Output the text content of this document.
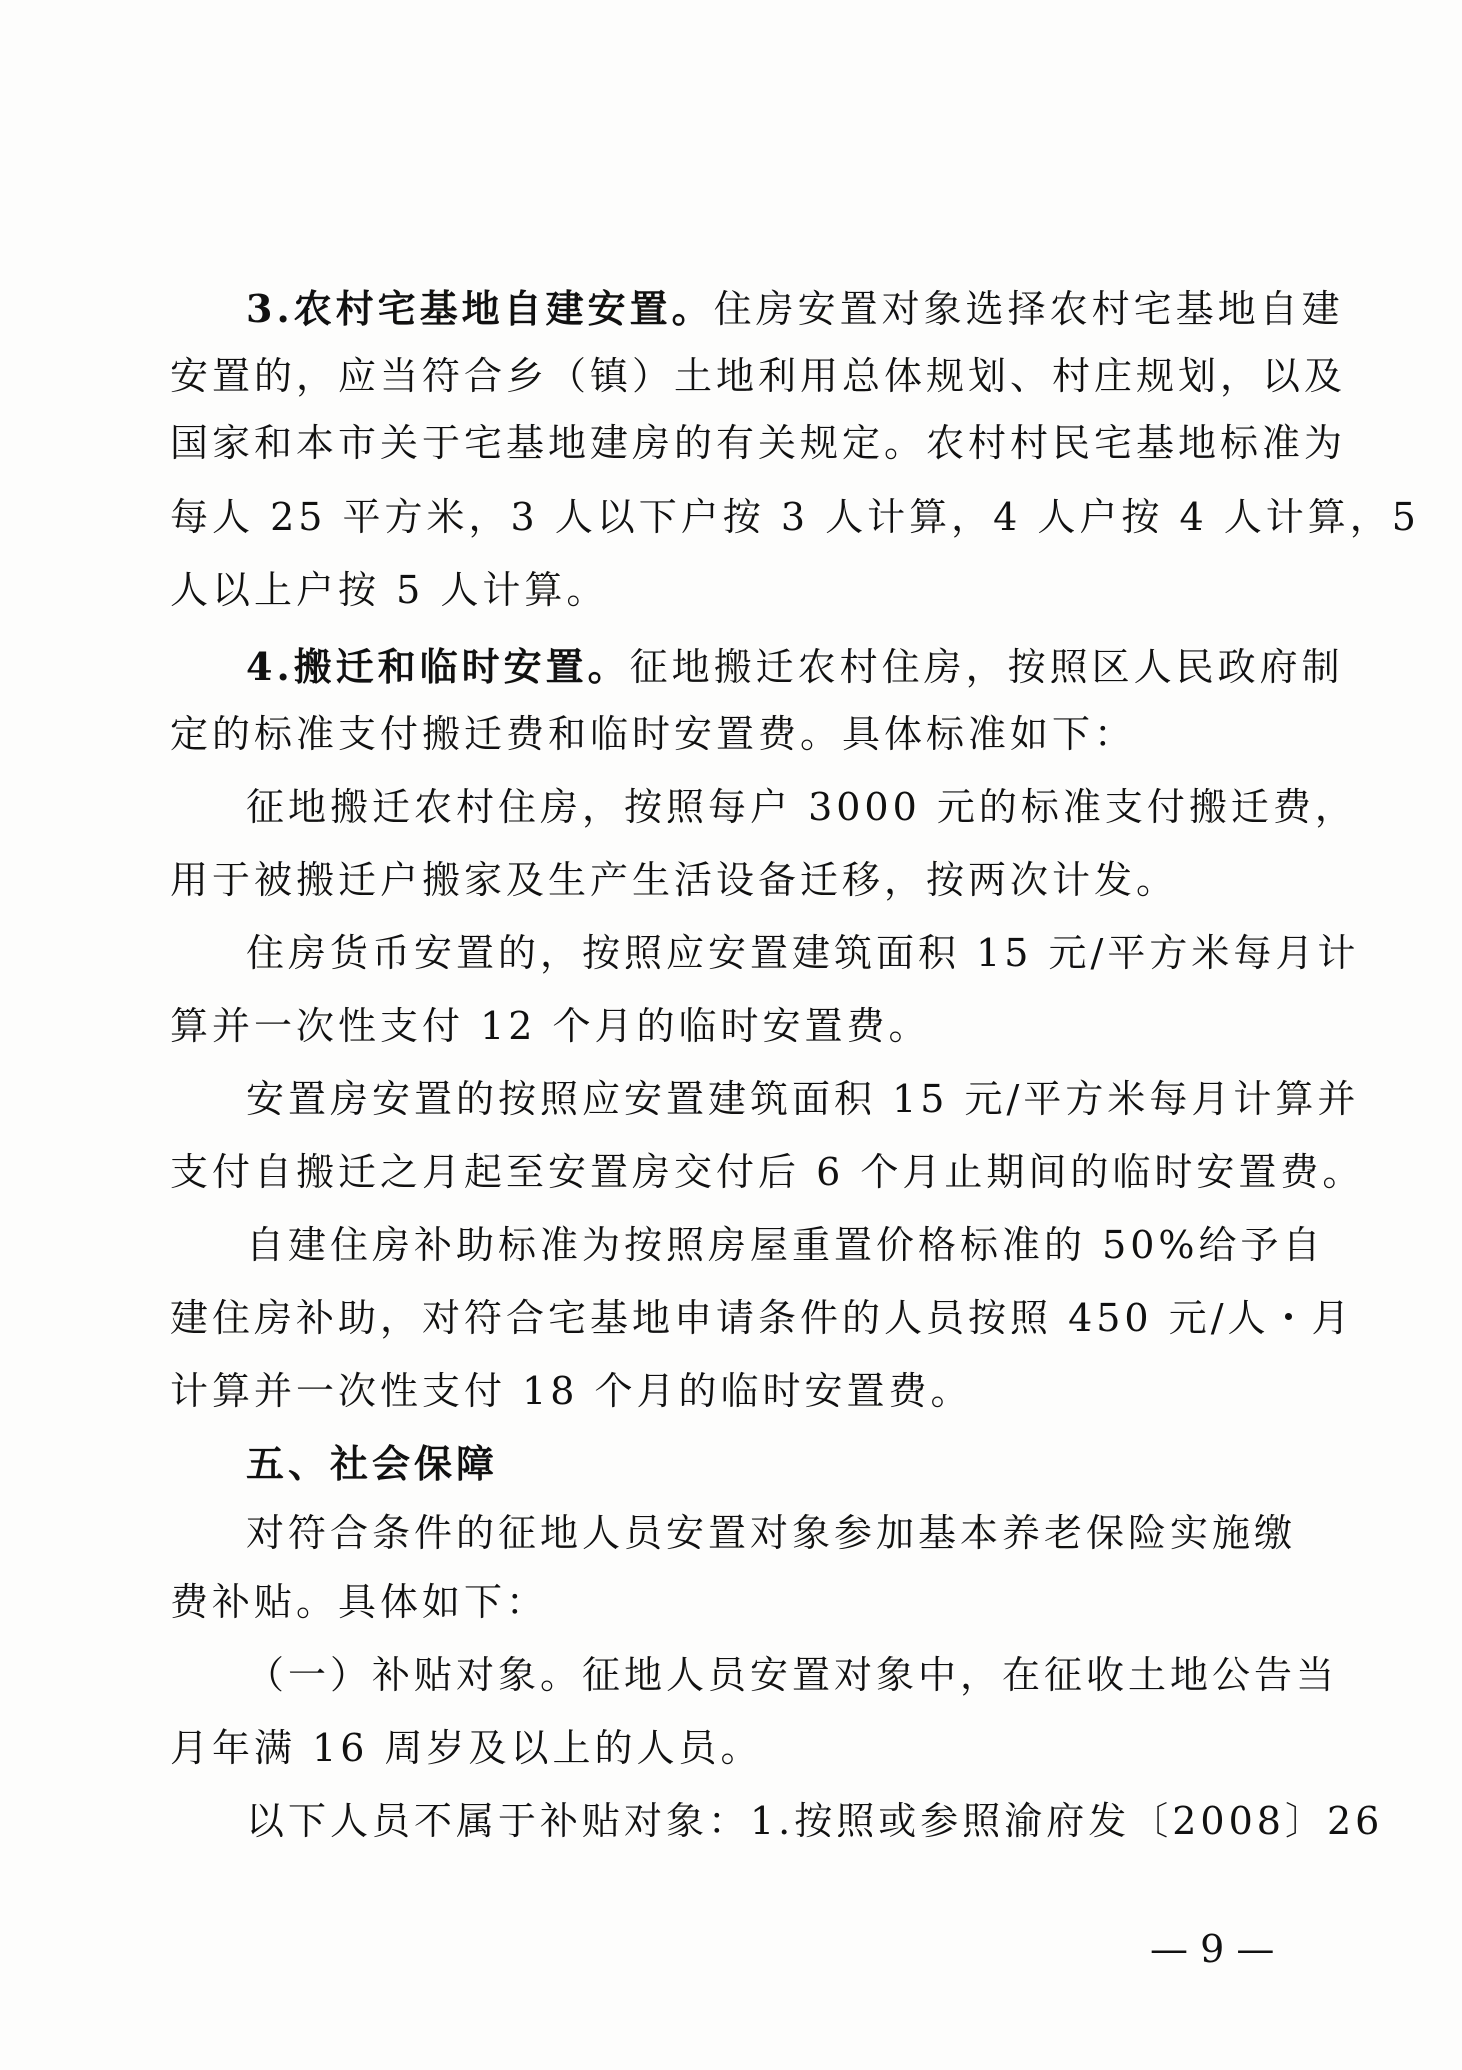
3.农村宅基地自建安置。住房安置对象选择农村宅基地自建
安置的，应当符合乡（镇）土地利用总体规划、村庄规划，以及
国家和本市关于宅基地建房的有关规定。农村村民宅基地标准为
每人 25 平方米，3 人以下户按 3 人计算，4 人户按 4 人计算，5
人以上户按 5 人计算。
4.搬迁和临时安置。征地搬迁农村住房，按照区人民政府制
定的标准支付搬迁费和临时安置费。具体标准如下：
征地搬迁农村住房，按照每户 3000 元的标准支付搬迁费，
用于被搬迁户搬家及生产生活设备迁移，按两次计发。
住房货币安置的，按照应安置建筑面积 15 元/平方米每月计
算并一次性支付 12 个月的临时安置费。
安置房安置的按照应安置建筑面积 15 元/平方米每月计算并
支付自搬迁之月起至安置房交付后 6 个月止期间的临时安置费。
自建住房补助标准为按照房屋重置价格标准的 50%给予自
建住房补助，对符合宅基地申请条件的人员按照 450 元/人・月
计算并一次性支付 18 个月的临时安置费。
五、社会保障
对符合条件的征地人员安置对象参加基本养老保险实施缴
费补贴。具体如下：
（一）补贴对象。征地人员安置对象中，在征收土地公告当
月年满 16 周岁及以上的人员。
以下人员不属于补贴对象：1.按照或参照渝府发〔2008〕26
— 9 —
